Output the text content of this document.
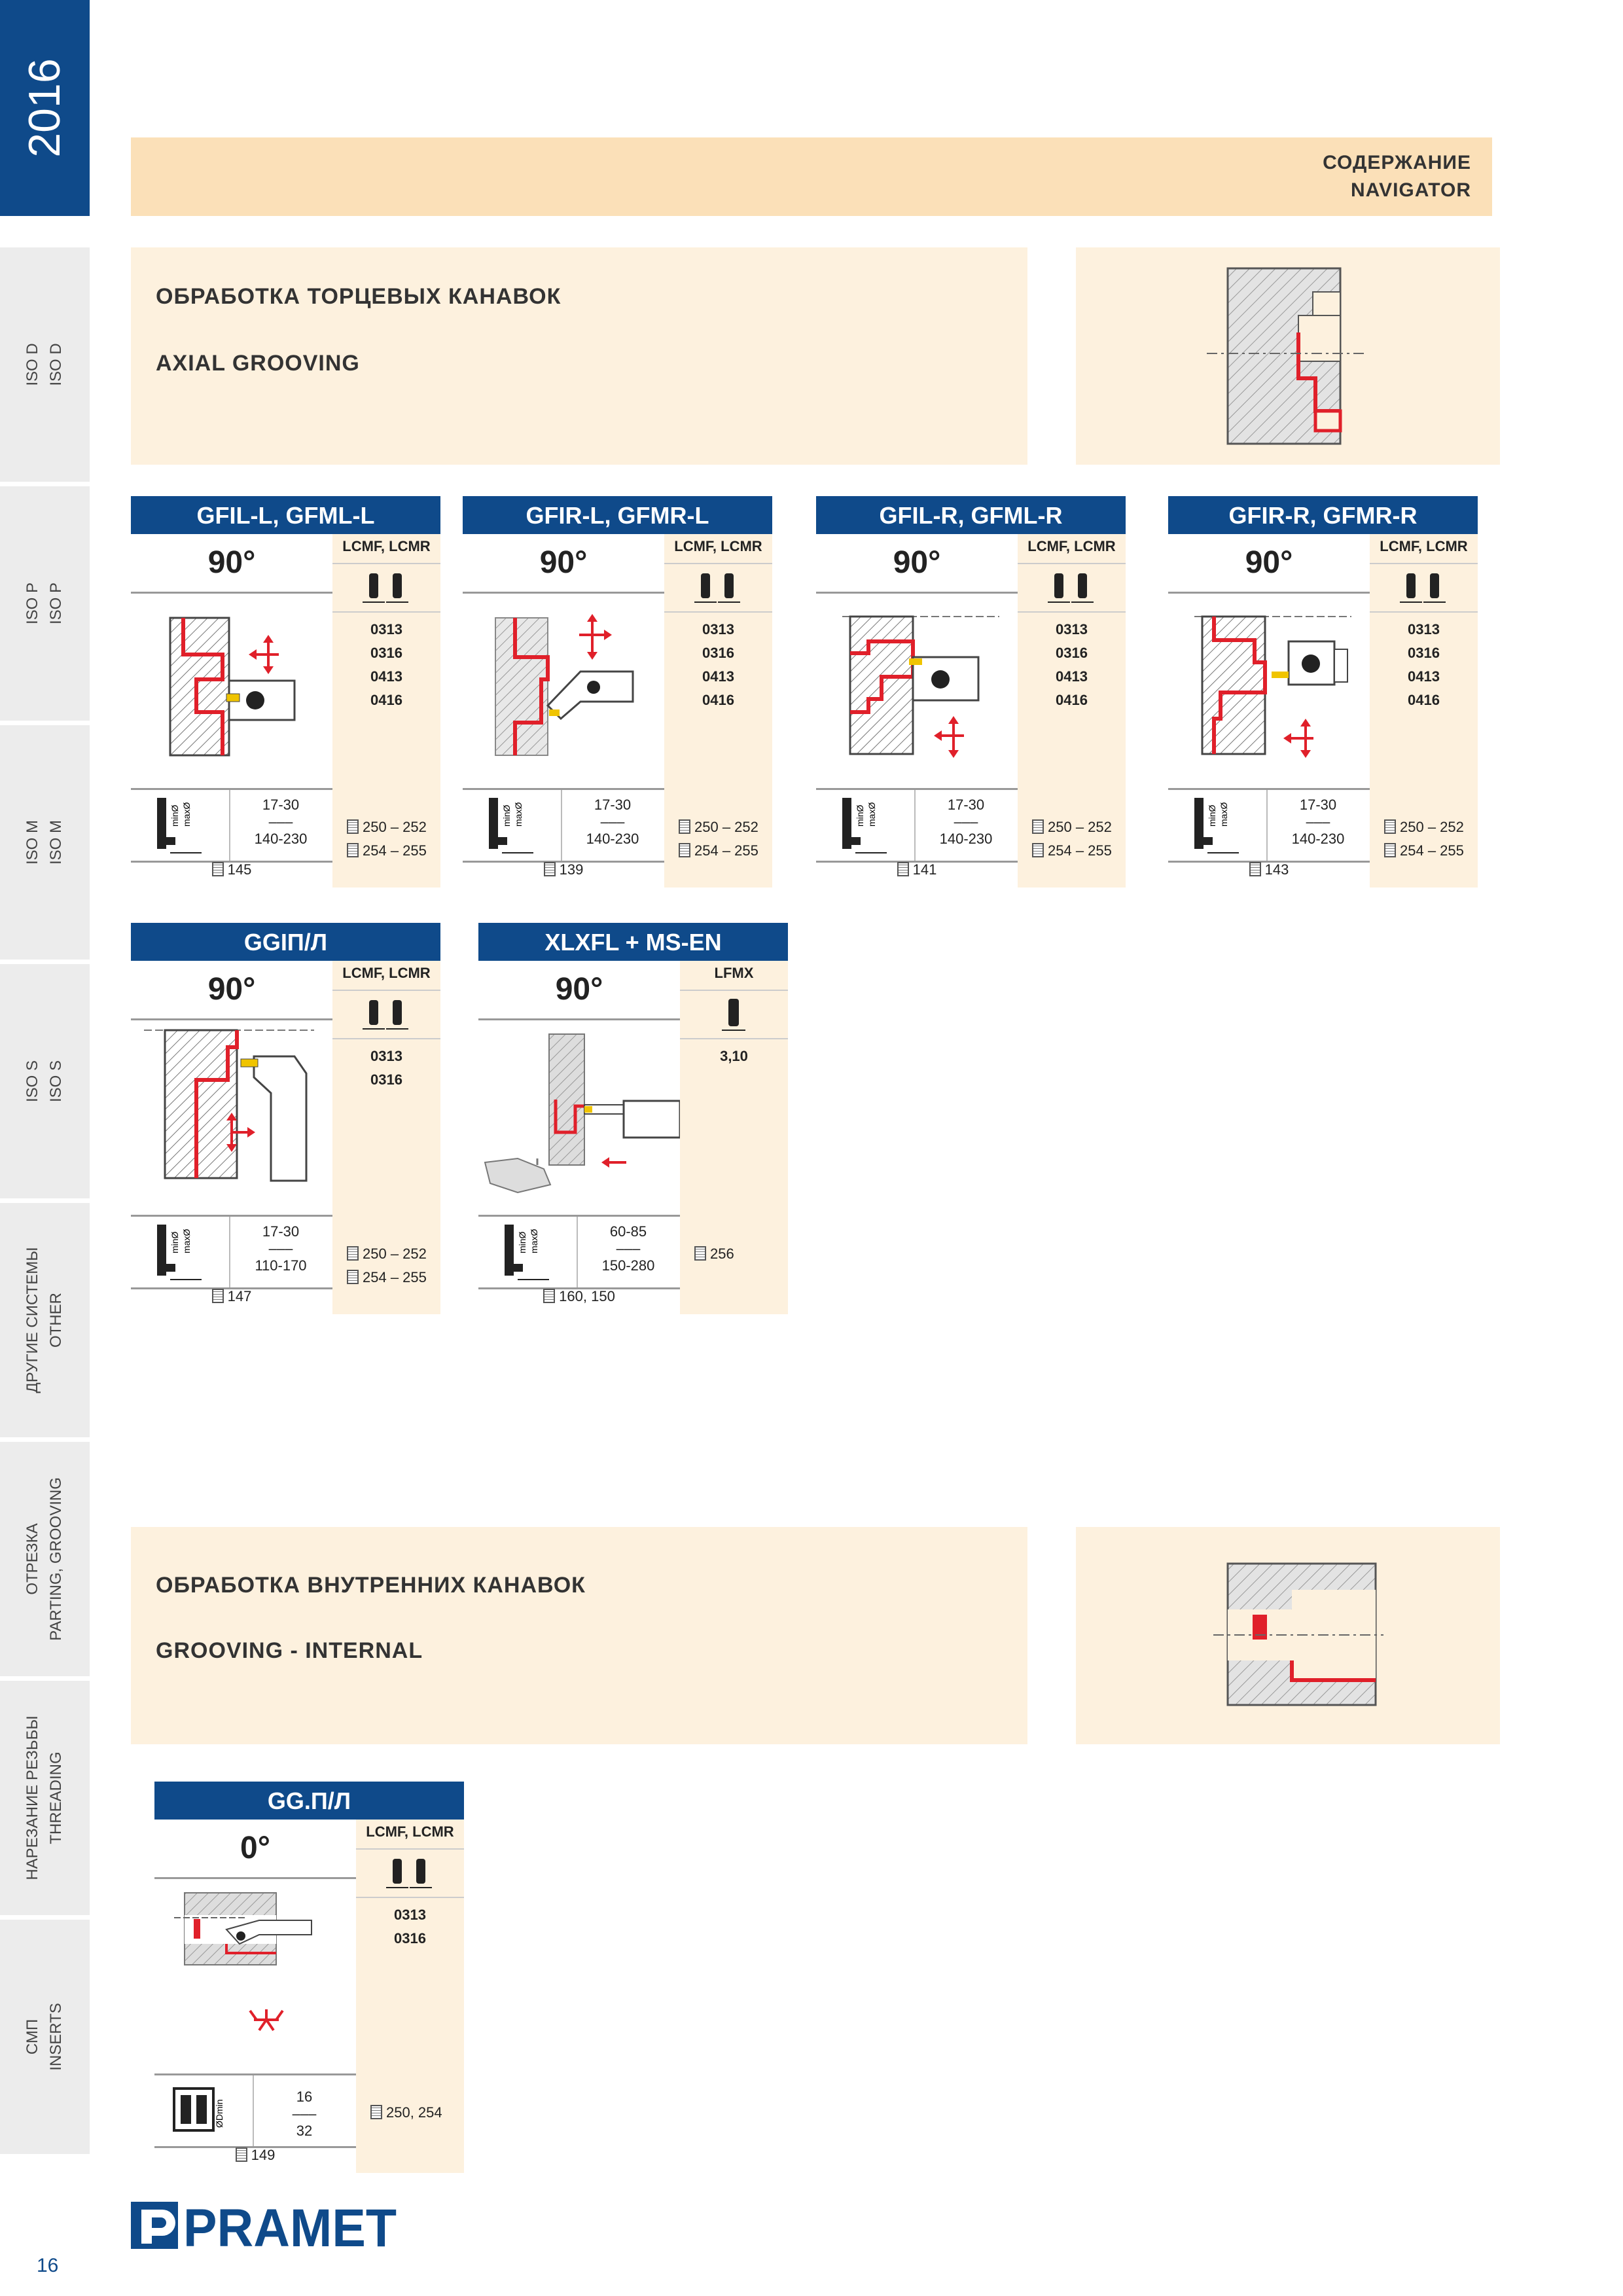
2016
ISO D ISO D
ISO P ISO P
ISO M ISO M
ISO S ISO S
ДРУГИЕ СИСТЕМЫ OTHER
ОТРЕЗКА PARTING, GROOVING
НАРЕЗАНИЕ РЕЗЬБЫ THREADING
СМП INSERTS
16
СОДЕРЖАНИЕ
NAVIGATOR
ОБРАБОТКА ТОРЦЕВЫХ КАНАВОК
AXIAL GROOVING
GFIL-L, GFML-L
90°
minØ maxØ	17-30
–––
140-230
145
LCMF, LCMR
0313
0316
0413
0416
250 – 252
254 – 255
GFIR-L, GFMR-L
90°
minØ maxØ	17-30
–––
140-230
139
LCMF, LCMR
0313
0316
0413
0416
250 – 252
254 – 255
GFIL-R, GFML-R
90°
minØ maxØ	17-30
–––
140-230
141
LCMF, LCMR
0313
0316
0413
0416
250 – 252
254 – 255
GFIR-R, GFMR-R
90°
minØ maxØ	17-30
–––
140-230
143
LCMF, LCMR
0313
0316
0413
0416
250 – 252
254 – 255
GGIП/Л
90°
minØ maxØ	17-30
–––
110-170
147
LCMF, LCMR
0313
0316
250 – 252
254 – 255
XLXFL + MS-EN
90°
minØ maxØ	60-85
–––
150-280
160, 150
LFMX
3,10
256
ОБРАБОТКА ВНУТРЕННИХ КАНАВОК
GROOVING - INTERNAL
GG.П/Л
0°
ØDmin
16
–––
32
149
LCMF, LCMR
0313
0316
250, 254
PRAMET
